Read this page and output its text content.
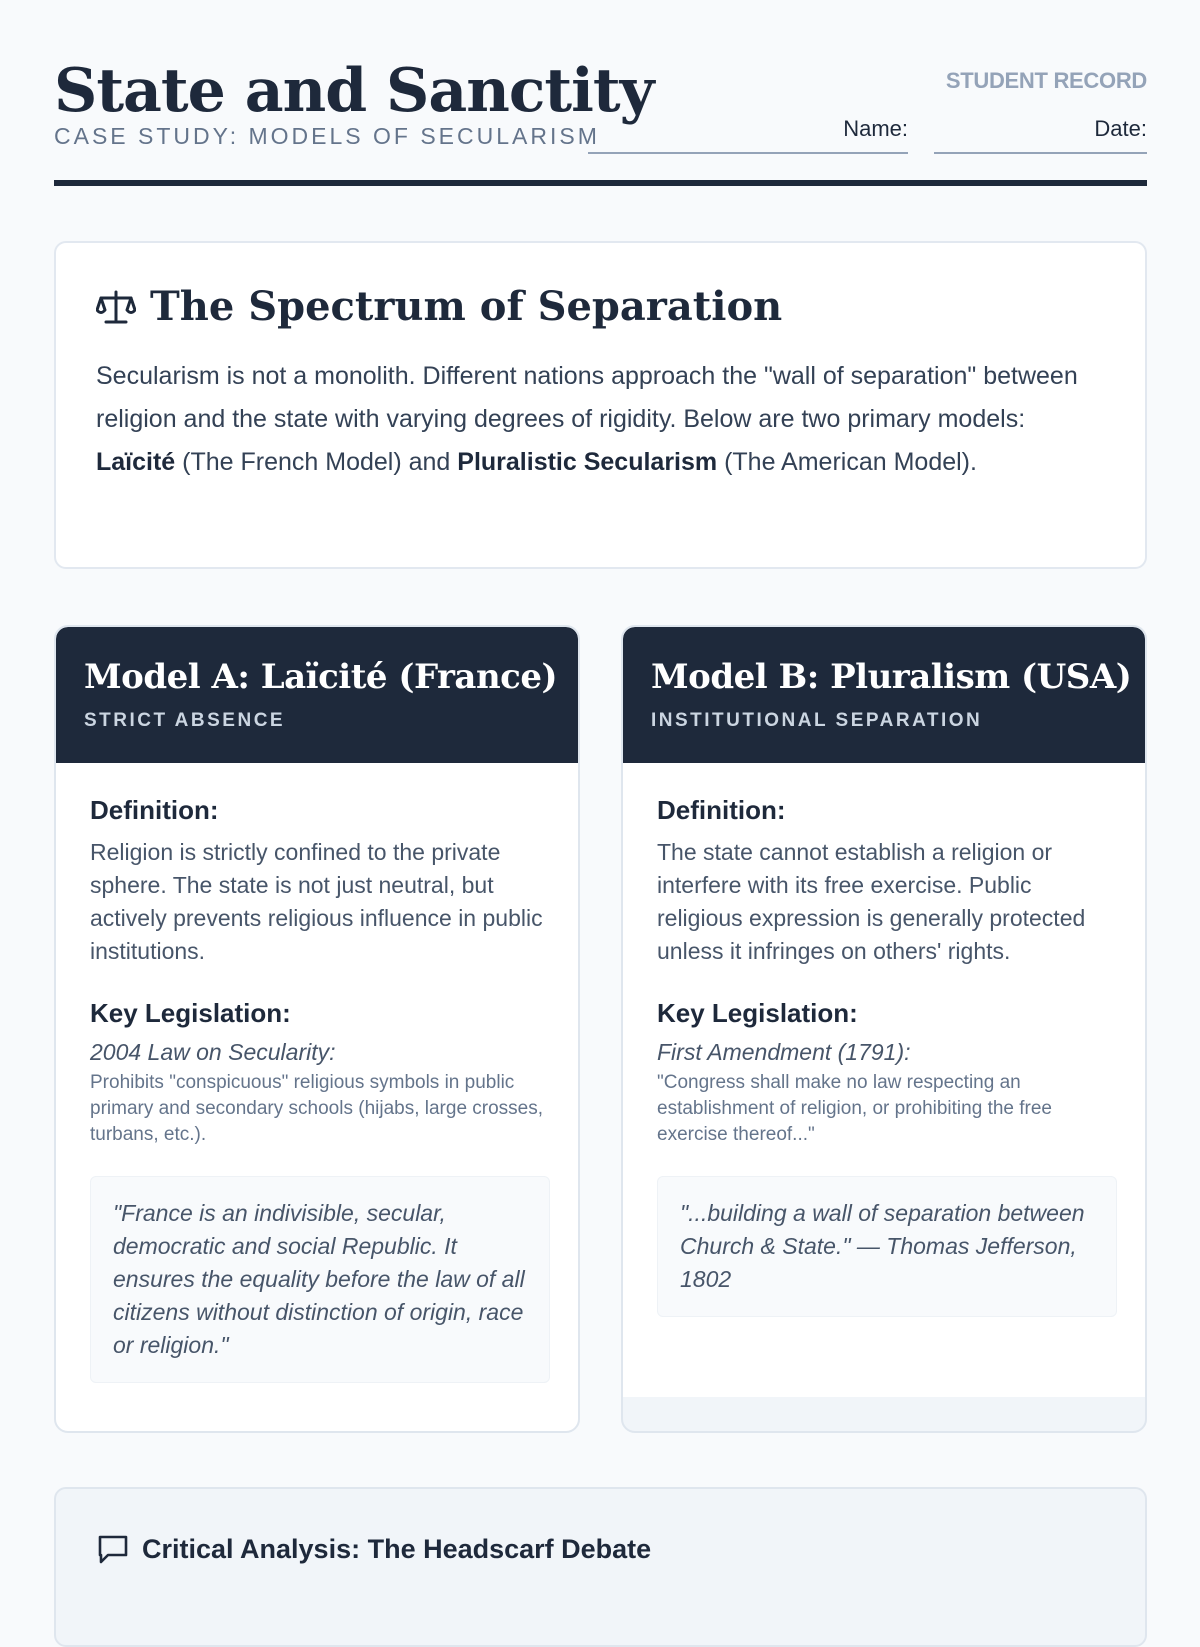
State and Sanctity
CASE STUDY: MODELS OF SECULARISM
STUDENT RECORD
Name:	Date:
The Spectrum of Separation
Secularism is not a monolith. Different nations approach the "wall of separation" between religion and the state with varying degrees of rigidity. Below are two primary models: Laïcité (The French Model) and Pluralistic Secularism (The American Model).
Model A: Laïcité (France)
STRICT ABSENCE
Definition:
Religion is strictly confined to the private sphere. The state is not just neutral, but actively prevents religious influence in public institutions.
Key Legislation:
2004 Law on Secularity:
Prohibits "conspicuous" religious symbols in public primary and secondary schools (hijabs, large crosses, turbans, etc.).
"France is an indivisible, secular, democratic and social Republic. It ensures the equality before the law of all citizens without distinction of origin, race or religion."
Model B: Pluralism (USA)
INSTITUTIONAL SEPARATION
Definition:
The state cannot establish a religion or interfere with its free exercise. Public religious expression is generally protected unless it infringes on others' rights.
Key Legislation:
First Amendment (1791):
"Congress shall make no law respecting an establishment of religion, or prohibiting the free exercise thereof..."
"...building a wall of separation between Church & State." — Thomas Jefferson, 1802
Critical Analysis: The Headscarf Debate
